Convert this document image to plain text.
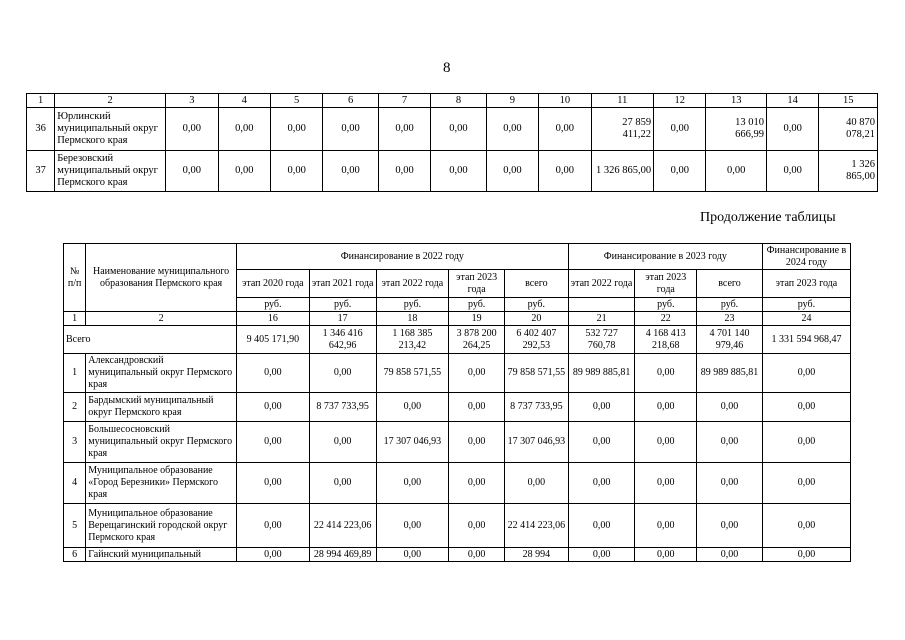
8
1	2	3	4	5	6	7	8	9	10	11	12	13	14	15
36	Юрлинский муниципальный округ Пермского края	0,00	0,00	0,00	0,00	0,00	0,00	0,00	0,00	27 859 411,22	0,00	13 010 666,99	0,00	40 870 078,21
37	Березовский муниципальный округ Пермского края	0,00	0,00	0,00	0,00	0,00	0,00	0,00	0,00	1 326 865,00	0,00	0,00	0,00	1 326 865,00
Продолжение таблицы
№ п/п	Наименование муниципального образования Пермского края	Финансирование в 2022 году					Финансирование в 2023 году			Финансирование в 2024 году
		этап 2020 года	этап 2021 года	этап 2022 года	этап 2023 года	всего	этап 2022 года	этап 2023 года	всего	этап 2023 года
		руб.	руб.	руб.	руб.	руб.		руб.	руб.	руб.
1	2	16	17	18	19	20	21	22	23	24
Всего		9 405 171,90	1 346 416 642,96	1 168 385 213,42	3 878 200 264,25	6 402 407 292,53	532 727 760,78	4 168 413 218,68	4 701 140 979,46	1 331 594 968,47
1	Александровский муниципальный округ Пермского края	0,00	0,00	79 858 571,55	0,00	79 858 571,55	89 989 885,81	0,00	89 989 885,81	0,00
2	Бардымский муниципальный округ Пермского края	0,00	8 737 733,95	0,00	0,00	8 737 733,95	0,00	0,00	0,00	0,00
3	Большесосновский муниципальный округ Пермского края	0,00	0,00	17 307 046,93	0,00	17 307 046,93	0,00	0,00	0,00	0,00
4	Муниципальное образование «Город Березники» Пермского края	0,00	0,00	0,00	0,00	0,00	0,00	0,00	0,00	0,00
5	Муниципальное образование Верещагинский городской округ Пермского края	0,00	22 414 223,06	0,00	0,00	22 414 223,06	0,00	0,00	0,00	0,00
6	Гайнский муниципальный	0,00	28 994 469,89	0,00	0,00	28 994	0,00	0,00	0,00	0,00
